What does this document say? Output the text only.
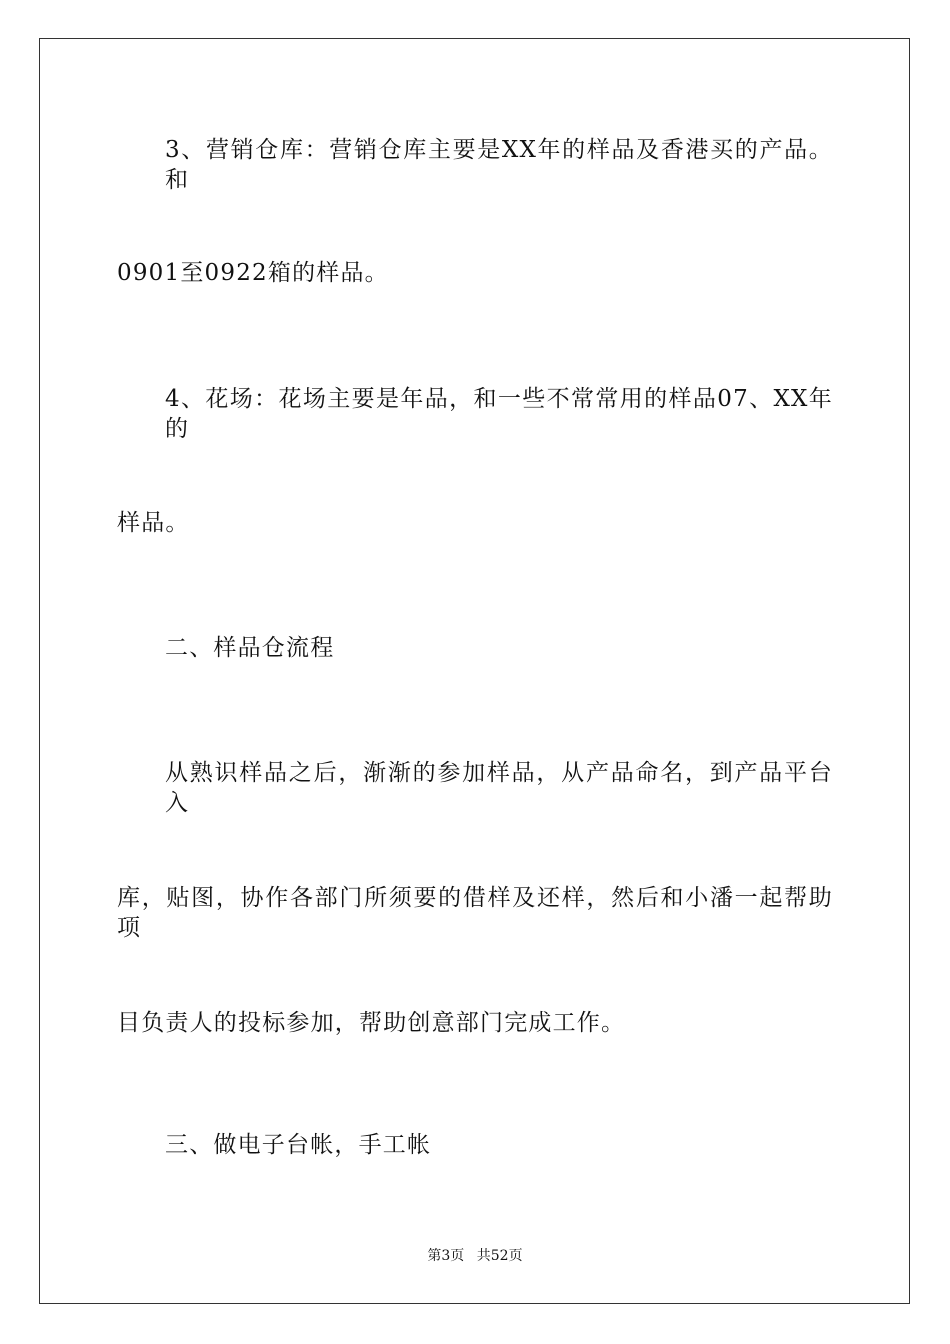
3、营销仓库：营销仓库主要是XX年的样品及香港买的产品。和
0901至0922箱的样品。
4、花场：花场主要是年品，和一些不常常用的样品07、XX年的
样品。
二、样品仓流程
从熟识样品之后，渐渐的参加样品，从产品命名，到产品平台入
库，贴图，协作各部门所须要的借样及还样，然后和小潘一起帮助项
目负责人的投标参加，帮助创意部门完成工作。
三、做电子台帐，手工帐
第3页 共52页
